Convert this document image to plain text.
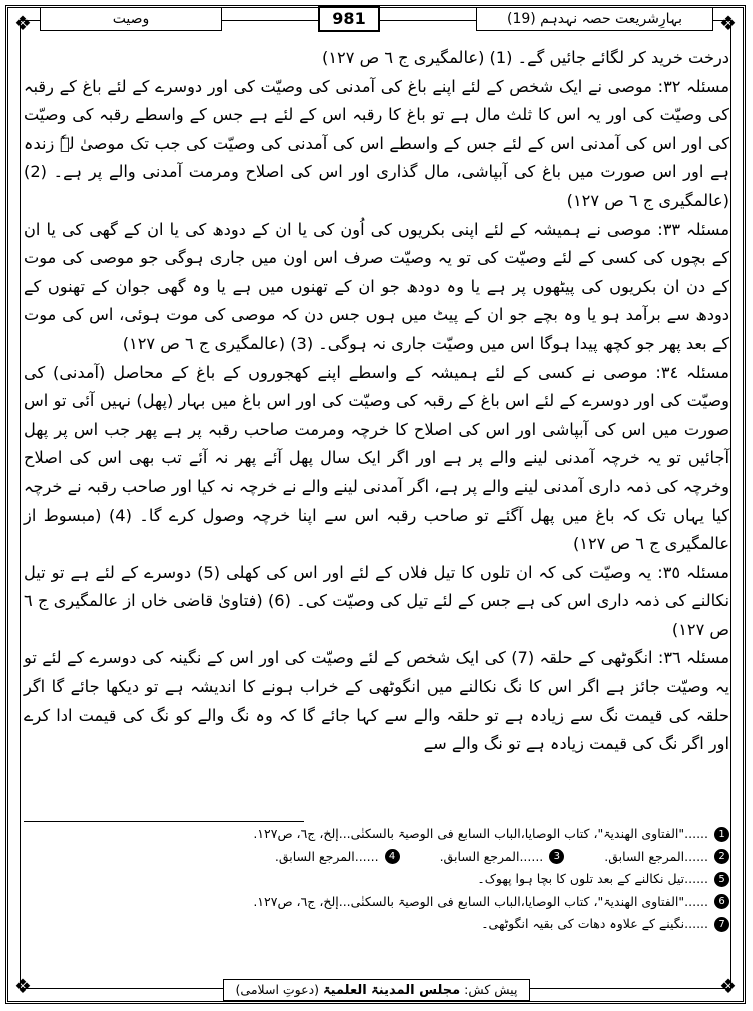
❖	❖
❖	❖
بہارِشریعت حصہ نہدہم (19)
981
وصیت

درخت خرید کر لگائے جائیں گے۔ (1) (عالمگیری ج ٦ ص ١٢٧)

مسئلہ ٣٢: موصی نے ایک شخص کے لئے اپنے باغ کی آمدنی کی وصیّت کی اور دوسرے کے لئے باغ کے رقبہ کی وصیّت کی اور یہ اس کا ثلث مال ہے تو باغ کا رقبہ اس کے لئے ہے جس کے واسطے رقبہ کی وصیّت کی اور اس کی آمدنی اس کے لئے جس کے واسطے اس کی آمدنی کی وصیّت کی جب تک موصیٰ لہٗ زندہ ہے اور اس صورت میں باغ کی آبپاشی، مال گذاری اور اس کی اصلاح ومرمت آمدنی والے پر ہے۔ (2) (عالمگیری ج ٦ ص ١٢٧)

مسئلہ ٣٣: موصی نے ہمیشہ کے لئے اپنی بکریوں کی اُون کی یا ان کے دودھ کی یا ان کے گھی کی یا ان کے بچوں کی کسی کے لئے وصیّت کی تو یہ وصیّت صرف اس اون میں جاری ہوگی جو موصی کی موت کے دن ان بکریوں کی پیٹھوں پر ہے یا وہ دودھ جو ان کے تھنوں میں ہے یا وہ گھی جوان کے تھنوں کے دودھ سے برآمد ہو یا وہ بچے جو ان کے پیٹ میں ہوں جس دن کہ موصی کی موت ہوئی، اس کی موت کے بعد پھر جو کچھ پیدا ہوگا اس میں وصیّت جاری نہ ہوگی۔ (3) (عالمگیری ج ٦ ص ١٢٧)

مسئلہ ٣٤: موصی نے کسی کے لئے ہمیشہ کے واسطے اپنے کھجوروں کے باغ کے محاصل (آمدنی) کی وصیّت کی اور دوسرے کے لئے اس باغ کے رقبہ کی وصیّت کی اور اس باغ میں بہار (پھل) نہیں آئی تو اس صورت میں اس کی آبپاشی اور اس کی اصلاح کا خرچہ ومرمت صاحب رقبہ پر ہے پھر جب اس پر پھل آجائیں تو یہ خرچہ آمدنی لینے والے پر ہے اور اگر ایک سال پھل آئے پھر نہ آئے تب بھی اس کی اصلاح وخرچہ کی ذمہ داری آمدنی لینے والے پر ہے، اگر آمدنی لینے والے نے خرچہ نہ کیا اور صاحب رقبہ نے خرچہ کیا یہاں تک کہ باغ میں پھل آگئے تو صاحب رقبہ اس سے اپنا خرچہ وصول کرے گا۔ (4) (مبسوط از عالمگیری ج ٦ ص ١٢٧)

مسئلہ ٣٥: یہ وصیّت کی کہ ان تلوں کا تیل فلاں کے لئے اور اس کی کھلی (5) دوسرے کے لئے ہے تو تیل نکالنے کی ذمہ داری اس کی ہے جس کے لئے تیل کی وصیّت کی۔ (6) (فتاویٰ قاضی خاں از عالمگیری ج ٦ ص ١٢٧)

مسئلہ ٣٦: انگوٹھی کے حلقہ (7) کی ایک شخص کے لئے وصیّت کی اور اس کے نگینہ کی دوسرے کے لئے تو یہ وصیّت جائز ہے اگر اس کا نگ نکالنے میں انگوٹھی کے خراب ہونے کا اندیشہ ہے تو دیکھا جائے گا اگر حلقہ کی قیمت نگ سے زیادہ ہے تو حلقہ والے سے کہا جائے گا کہ وہ نگ والے کو نگ کی قیمت ادا کرے اور اگر نگ کی قیمت زیادہ ہے تو نگ والے سے

1
......"الفتاوی الھندیۃ"، کتاب الوصایا،الباب السابع فی الوصیۃ بالسکنٰی...إلخ، ج٦، ص١٢٧.
2
......المرجع السابق.
3
......المرجع السابق.
4
......المرجع السابق.
5
......تیل نکالنے کے بعد تلوں کا بچا ہوا پھوک۔
6
......"الفتاوی الھندیۃ"، کتاب الوصایا،الباب السابع فی الوصیۃ بالسکنٰی...إلخ، ج٦، ص١٢٧.
7
......نگینے کے علاوہ دھات کی بقیہ انگوٹھی۔
پیش کش: مجلس المدینۃ العلمیۃ (دعوتِ اسلامی)
